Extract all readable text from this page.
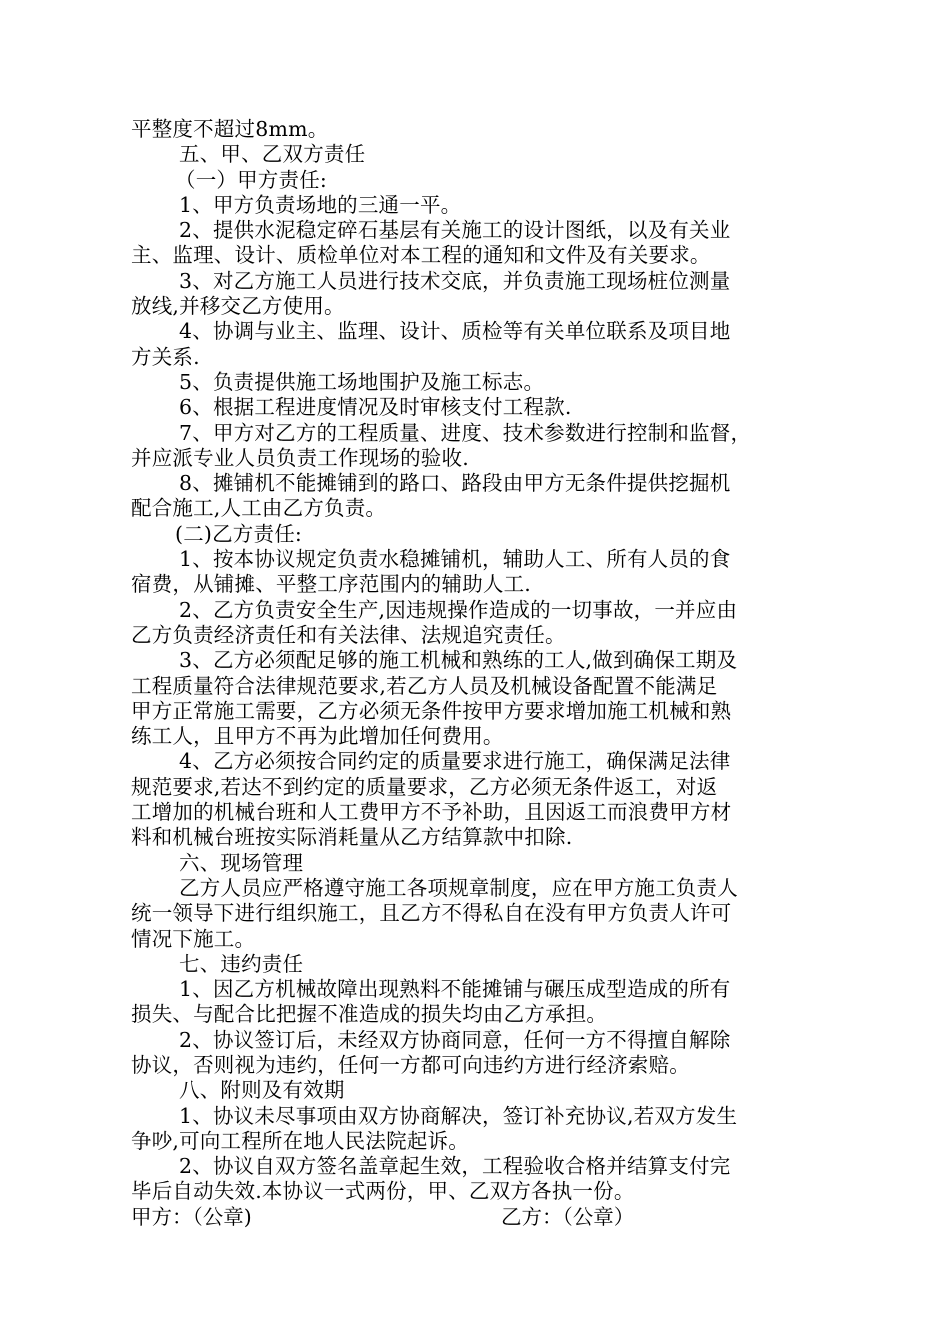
平整度不超过8mm。
五、甲、乙双方责任
（一）甲方责任:
1、甲方负责场地的三通一平。
2、提供水泥稳定碎石基层有关施工的设计图纸，以及有关业
主、监理、设计、质检单位对本工程的通知和文件及有关要求。
3、对乙方施工人员进行技术交底，并负责施工现场桩位测量
放线,并移交乙方使用。
4、协调与业主、监理、设计、质检等有关单位联系及项目地
方关系.
5、负责提供施工场地围护及施工标志。
6、根据工程进度情况及时审核支付工程款.
7、甲方对乙方的工程质量、进度、技术参数进行控制和监督，
并应派专业人员负责工作现场的验收.
8、摊铺机不能摊铺到的路口、路段由甲方无条件提供挖掘机
配合施工,人工由乙方负责。
(二)乙方责任:
1、按本协议规定负责水稳摊铺机，辅助人工、所有人员的食
宿费，从铺摊、平整工序范围内的辅助人工.
2、乙方负责安全生产,因违规操作造成的一切事故，一并应由
乙方负责经济责任和有关法律、法规追究责任。
3、乙方必须配足够的施工机械和熟练的工人,做到确保工期及
工程质量符合法律规范要求,若乙方人员及机械设备配置不能满足
甲方正常施工需要，乙方必须无条件按甲方要求增加施工机械和熟
练工人，且甲方不再为此增加任何费用。
4、乙方必须按合同约定的质量要求进行施工，确保满足法律
规范要求,若达不到约定的质量要求，乙方必须无条件返工，对返
工增加的机械台班和人工费甲方不予补助，且因返工而浪费甲方材
料和机械台班按实际消耗量从乙方结算款中扣除.
六、现场管理
乙方人员应严格遵守施工各项规章制度，应在甲方施工负责人
统一领导下进行组织施工，且乙方不得私自在没有甲方负责人许可
情况下施工。
七、违约责任
1、因乙方机械故障出现熟料不能摊铺与碾压成型造成的所有
损失、与配合比把握不准造成的损失均由乙方承担。
2、协议签订后，未经双方协商同意，任何一方不得擅自解除
协议，否则视为违约，任何一方都可向违约方进行经济索赔。
八、附则及有效期
1、协议未尽事项由双方协商解决，签订补充协议,若双方发生
争吵,可向工程所在地人民法院起诉。
2、协议自双方签名盖章起生效，工程验收合格并结算支付完
毕后自动失效.本协议一式两份，甲、乙双方各执一份。
甲方：（公章)	乙方：（公章）
